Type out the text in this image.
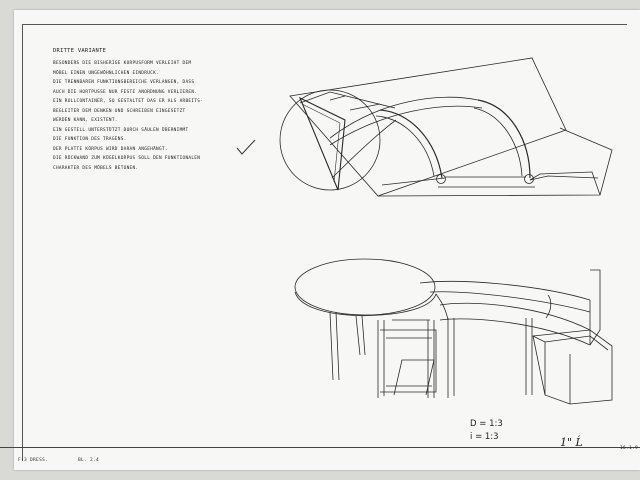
DRITTE VARIANTE
BESONDERS DIE BISHERIGE KORPUSFORM VERLEIHT DEM
MÖBEL EINEN UNGEWÖHNLICHEN EINDRUCK.
DIE TRENNBAREN FUNKTIONSBEREICHE VERLANGEN, DASS
AUCH DIE HORTPUSSE NUR FESTE ANORDNUNG VERLIEREN.
EIN ROLLCONTAINER, SO GESTALTET DAS ER ALS ARBEITS-
BEGLEITER DEM DENKEN UND SCHREIBEN EINGESETZT
WERDEN KANN, EXISTENT.
EIN GESTELL UNTERSTÜTZT DURCH SÄULEN ÜBERNIMMT
DIE FUNKTION DES TRAGENS.
DER PLATTE KORPUS WIRD DARAN ANGEHÄNGT.
DIE RÜCKWAND ZUM KÜGELKORPUS SOLL DEN FUNKTIONALEN
CHARAKTER DES MÖBELS BETONEN.
D = 1:3
i = 1:3	1" Ĺ	16.1.9
F-3 DRESS.	BL. 2.4
